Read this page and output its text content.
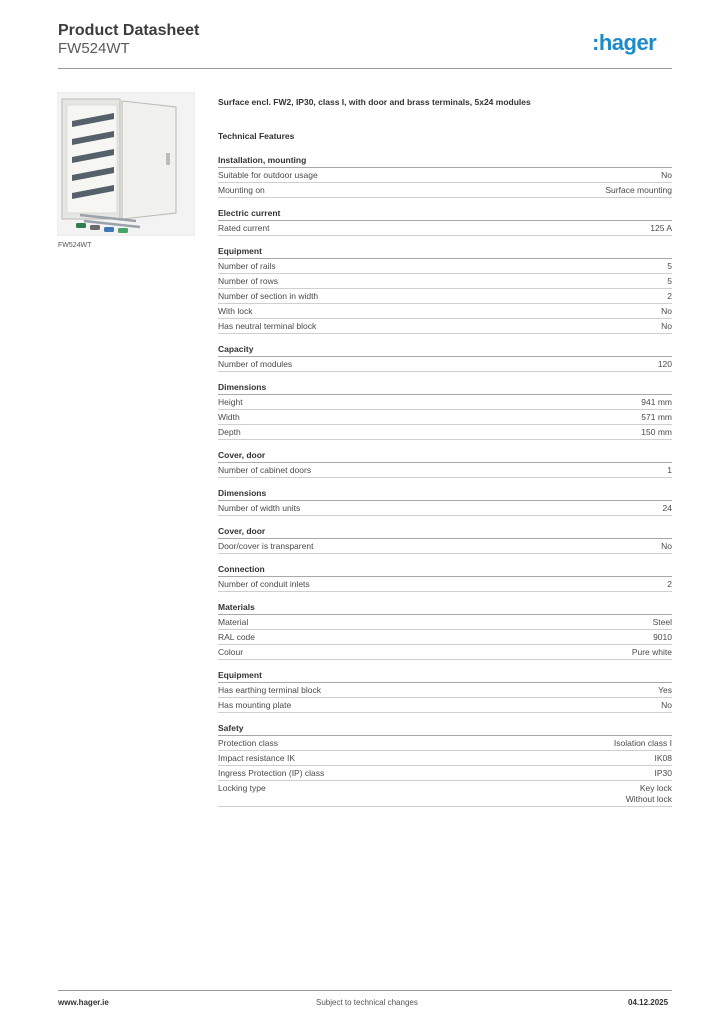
Product Datasheet
FW524WT	:hager
FW524WT
Surface encl. FW2, IP30, class I, with door and brass terminals, 5x24 modules
Technical Features
Installation, mounting
Suitable for outdoor usage	No
Mounting on	Surface mounting
Electric current
Rated current	125 A
Equipment
Number of rails	5
Number of rows	5
Number of section in width	2
With lock	No
Has neutral terminal block	No
Capacity
Number of modules	120
Dimensions
Height	941 mm
Width	571 mm
Depth	150 mm
Cover, door
Number of cabinet doors	1
Dimensions
Number of width units	24
Cover, door
Door/cover is transparent	No
Connection
Number of conduit inlets	2
Materials
Material	Steel
RAL code	9010
Colour	Pure white
Equipment
Has earthing terminal block	Yes
Has mounting plate	No
Safety
Protection class	Isolation class I
Impact resistance IK	IK08
Ingress Protection (IP) class	IP30
Locking type	Key lock
Without lock
www.hager.ie	Subject to technical changes	04.12.2025
